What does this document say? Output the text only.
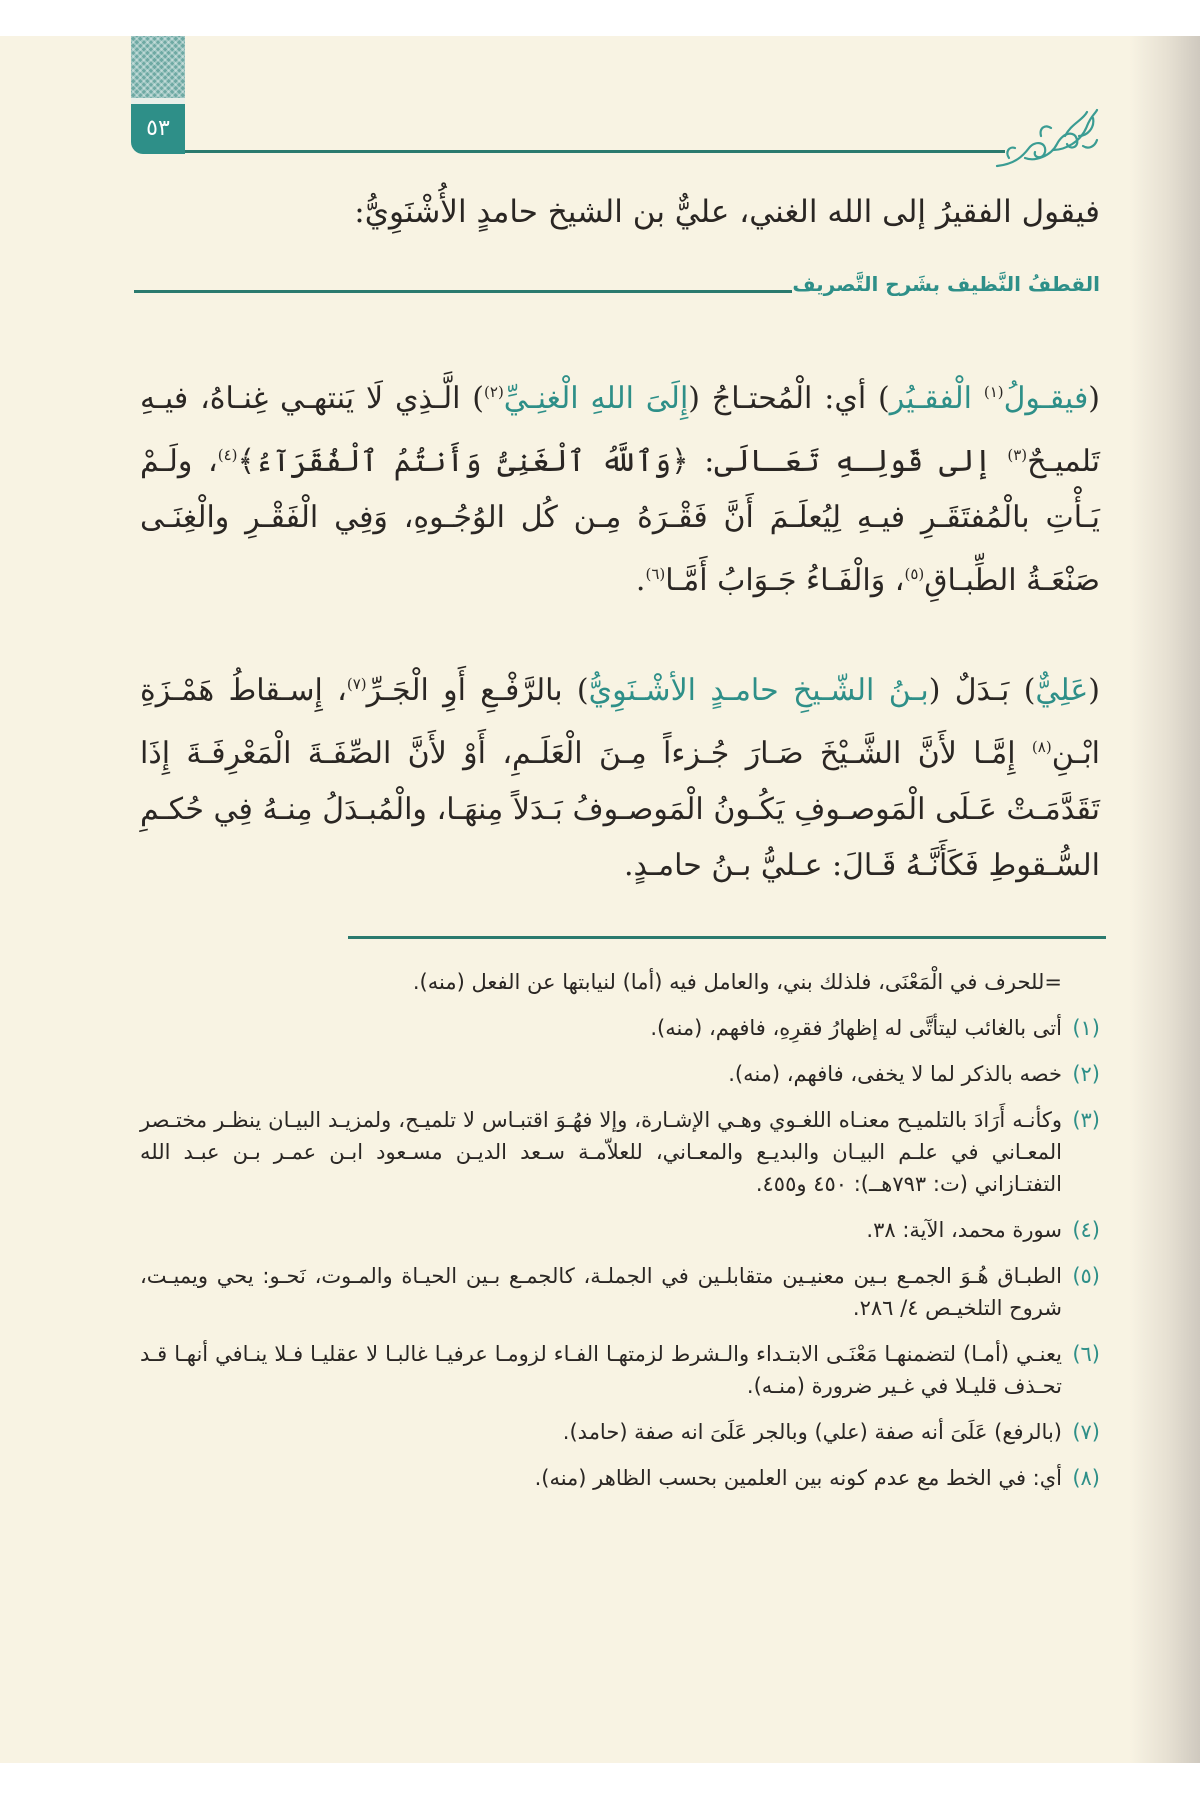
٥٣
فيقول الفقيرُ إلى الله الغني، عليٌّ بن الشيخ حامدٍ الأُشْنَوِيُّ:
القطفُ النَّظيف بشَرح التَّصريف

(فيقـولُ$^{(١)}$ الْفقـيُر) أي: الْمُحتـاجُ (إِلَىَ اللهِ الْغنِـيِّ$^{(٢)}$) الَّـذِي لَا يَنتهـي غِنـاهُ، فيـهِ تَلميـحٌ$^{(٣)}$ إلى قَولِـهِ تَعَـالَى: ﴿وَٱللَّهُ ٱلْغَنِىُّ وَأَنتُمُ ٱلْفُقَرَآءُ﴾$^{(٤)}$، ولَـمْ يَـأْتِ بالْمُفتَقَـرِ فيـهِ لِيُعلَـمَ أَنَّ فَقْـرَهُ مِـن كُل الوُجُـوهِ، وَفِي الْفَقْـرِ والْغِنَـى صَنْعَـةُ الطِّبـاقِ$^{(٥)}$، وَالْفَـاءُ جَـوَابُ أَمَّـا$^{(٦)}$.

(عَلِيٌّ) بَـدَلٌ (بـنُ الشّـيخِ حامـدٍ الأشْـنَوِيُّ) بالرَّفْـعِ أَوِ الْجَـرِّ$^{(٧)}$، إِسـقاطُ هَمْـزَةِ ابْـنِ$^{(٨)}$ إِمَّـا لأَنَّ الشَّـيْخَ صَـارَ جُـزءاً مِـنَ الْعَلَـمِ، أَوْ لأَنَّ الصِّفَـةَ الْمَعْرِفَـةَ إِذَا تَقَدَّمَـتْ عَـلَى الْمَوصـوفِ يَكُـونُ الْمَوصـوفُ بَـدَلاً مِنهَـا، والْمُبـدَلُ مِنـهُ فِي حُكـمِ السُّـقوطِ فَكَأَنَّـهُ قَـالَ: عـليُّ بـنُ حامـدٍ.

=للحرف في الْمَعْنَى، فلذلك بني، والعامل فيه (أما) لنيابتها عن الفعل (منه).

(١)أتى بالغائب ليتأتَّى له إظهارُ فقرِهِ، فافهم، (منه).

(٢)خصه بالذكر لما لا يخفى، فافهم، (منه).

(٣)وكأنـه أَرَادَ بالتلميـح معنـاه اللغـوي وهـي الإشـارة، وإلا فهُـوَ اقتبـاس لا تلميـح، ولمزيـد البيـان ينظـر مختـصر المعـاني في علـم البيـان والبديـع والمعـاني، للعلاّمـة سـعد الديـن مسـعود ابـن عمـر بـن عبـد الله التفتـازاني (ت: ٧٩٣هــ): ٤٥٠ و٤٥٥.

(٤)سورة محمد، الآية: ٣٨.

(٥)الطبـاق هُـوَ الجمـع بـين معنيـين متقابلـين في الجملـة، كالجمـع بـين الحيـاة والمـوت، نَحـو: يحي ويميـت، شروح التلخيـص ٤/ ٢٨٦.

(٦)يعنـي (أمـا) لتضمنهـا مَعْنَـى الابتـداء والـشرط لزمتهـا الفـاء لزومـا عرفيـا غالبـا لا عقليـا فـلا ينـافي أنهـا قـد تحـذف قليـلا في غـير ضرورة (منـه).

(٧)(بالرفع) عَلَىَ أنه صفة (علي) وبالجر عَلَىَ انه صفة (حامد).

(٨)أي: في الخط مع عدم كونه بين العلمين بحسب الظاهر (منه).
